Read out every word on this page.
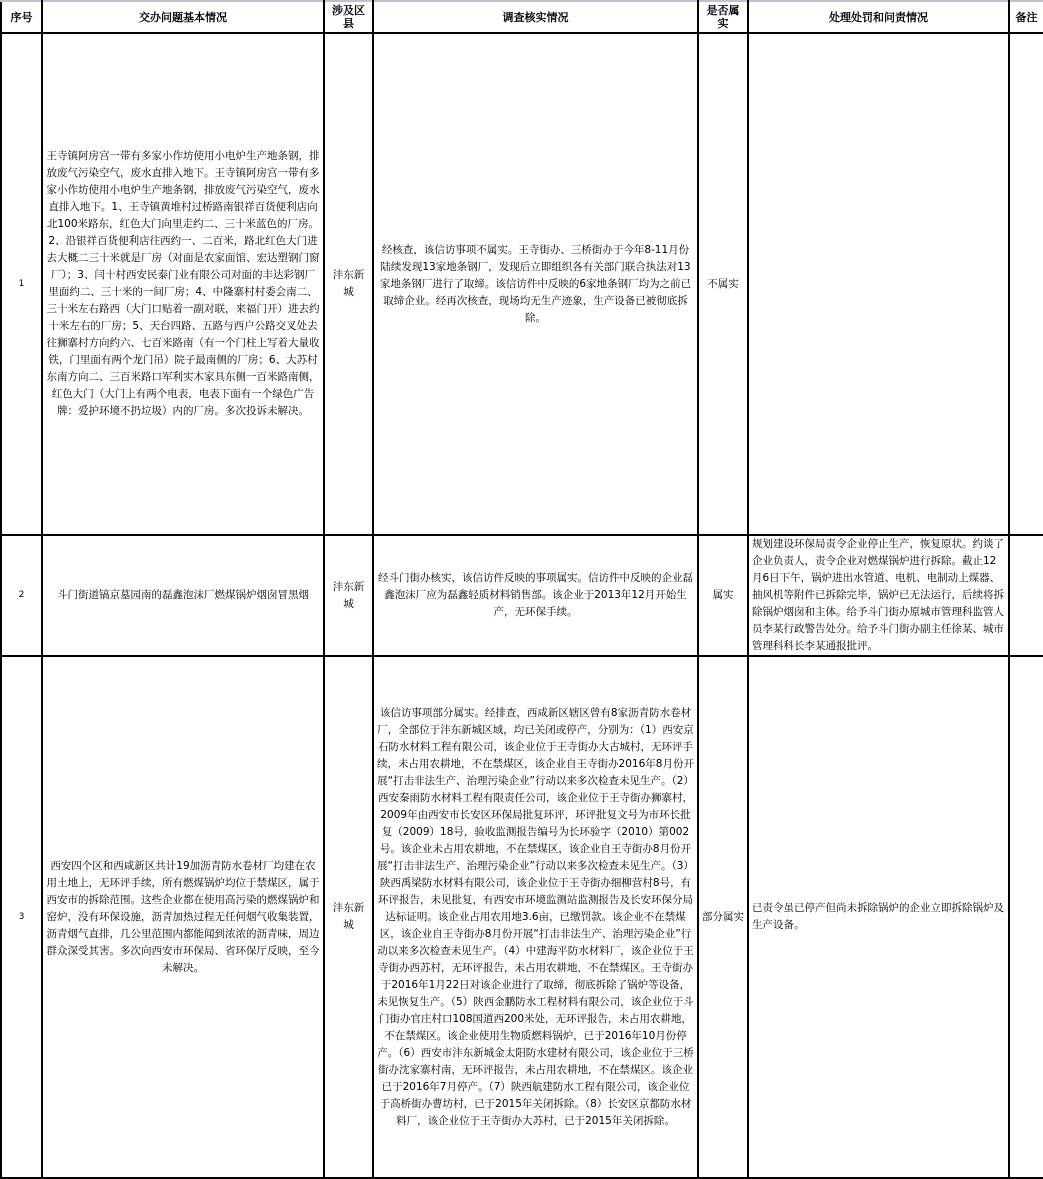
序号	交办问题基本情况	涉及区县	调查核实情况	是否属实	处理处罚和问责情况	备注
1	王寺镇阿房宫一带有多家小作坊使用小电炉生产地条钢，排放废气污染空气，废水直排入地下。王寺镇阿房宫一带有多家小作坊使用小电炉生产地条钢，排放废气污染空气，废水直排入地下。1、王寺镇黄堆村过桥路南银祥百货便利店向北100米路东，红色大门向里走约二、三十米蓝色的厂房。2、沿银祥百货便利店往西约一、二百米，路北红色大门进去大概二三十米就是厂房（对面是农家面馆、宏达塑钢门窗厂）；3、闫十村西安民泰门业有限公司对面的丰达彩钢厂里面约二、三十米的一间厂房；4、中隆寨村村委会南二、三十米左右路西（大门口贴着一副对联，来福门开）进去约十米左右的厂房；5、天台四路、五路与西户公路交叉处去往狮寨村方向约六、七百米路南（有一个门柱上写着大量收铁，门里面有两个龙门吊）院子最南侧的厂房；6、大苏村东南方向二、三百米路口军利实木家具东侧一百米路南侧，红色大门（大门上有两个电表，电表下面有一个绿色广告牌：爱护环境不扔垃圾）内的厂房。多次投诉未解决。	沣东新城	经核查，该信访事项不属实。王寺街办、三桥街办于今年8-11月份陆续发现13家地条钢厂，发现后立即组织各有关部门联合执法对13家地条钢厂进行了取缔。该信访件中反映的6家地条钢厂均为之前已取缔企业。经再次核查，现场均无生产迹象，生产设备已被彻底拆除。	不属实		
2	斗门街道镐京墓园南的磊鑫泡沫厂燃煤锅炉烟囱冒黑烟	沣东新城	经斗门街办核实，该信访件反映的事项属实。信访件中反映的企业磊鑫泡沫厂应为磊鑫轻质材料销售部。该企业于2013年12月开始生产，无环保手续。	属实	规划建设环保局责令企业停止生产，恢复原状。约谈了企业负责人，责令企业对燃煤锅炉进行拆除。截止12月6日下午，锅炉进出水管道、电机、电制动上煤器、抽风机等附件已拆除完毕，锅炉已无法运行，后续将拆除锅炉烟囱和主体。给予斗门街办原城市管理科监管人员李某行政警告处分。给予斗门街办副主任徐某、城市管理科科长李某通报批评。	
3	西安四个区和西咸新区共计19加沥青防水卷材厂均建在农用土地上，无环评手续，所有燃煤锅炉均位于禁煤区，属于西安市的拆除范围。这些企业都在使用高污染的燃煤锅炉和窑炉，没有环保设施，沥青加热过程无任何烟气收集装置，沥青烟气直排，几公里范围内都能闻到浓浓的沥青味，周边群众深受其害。多次向西安市环保局、省环保厅反映，至今未解决。	沣东新城	该信访事项部分属实。经排查，西咸新区辖区曾有8家沥青防水卷材厂，全部位于沣东新城区域，均已关闭或停产，分别为：（1）西安京石防水材料工程有限公司，该企业位于王寺街办大古城村，无环评手续，未占用农耕地，不在禁煤区，该企业自王寺街办2016年8月份开展“打击非法生产、治理污染企业”行动以来多次检查未见生产。（2）西安秦雨防水材料工程有限责任公司，该企业位于王寺街办狮寨村，2009年由西安市长安区环保局批复环评，环评批复文号为市环长批复（2009）18号，验收监测报告编号为长环验字（2010）第002号。该企业未占用农耕地，不在禁煤区，该企业自王寺街办8月份开展“打击非法生产、治理污染企业”行动以来多次检查未见生产。（3）陕西禹梁防水材料有限公司，该企业位于王寺街办细柳营村8号，有环评报告，未见批复，有西安市环境监测站监测报告及长安环保分局达标证明。该企业占用农用地3.6亩，已缴罚款。该企业不在禁煤区，该企业自王寺街办8月份开展“打击非法生产、治理污染企业”行动以来多次检查未见生产。（4）中建海平防水材料厂，该企业位于王寺街办西苏村，无环评报告，未占用农耕地，不在禁煤区。王寺街办于2016年1月22日对该企业进行了取缔，彻底拆除了锅炉等设备，未见恢复生产。（5）陕西金鹏防水工程材料有限公司，该企业位于斗门街办官庄村口108国道西200米处，无环评报告，未占用农耕地，不在禁煤区。该企业使用生物质燃料锅炉，已于2016年10月份停产。（6）西安市沣东新城金太阳防水建材有限公司，该企业位于三桥街办沈家寨村南，无环评报告，未占用农耕地，不在禁煤区。该企业已于2016年7月停产。（7）陕西航建防水工程有限公司，该企业位于高桥街办曹坊村，已于2015年关闭拆除。（8）长安区京都防水材料厂，该企业位于王寺街办大苏村，已于2015年关闭拆除。	部分属实	已责令虽已停产但尚未拆除锅炉的企业立即拆除锅炉及生产设备。	
